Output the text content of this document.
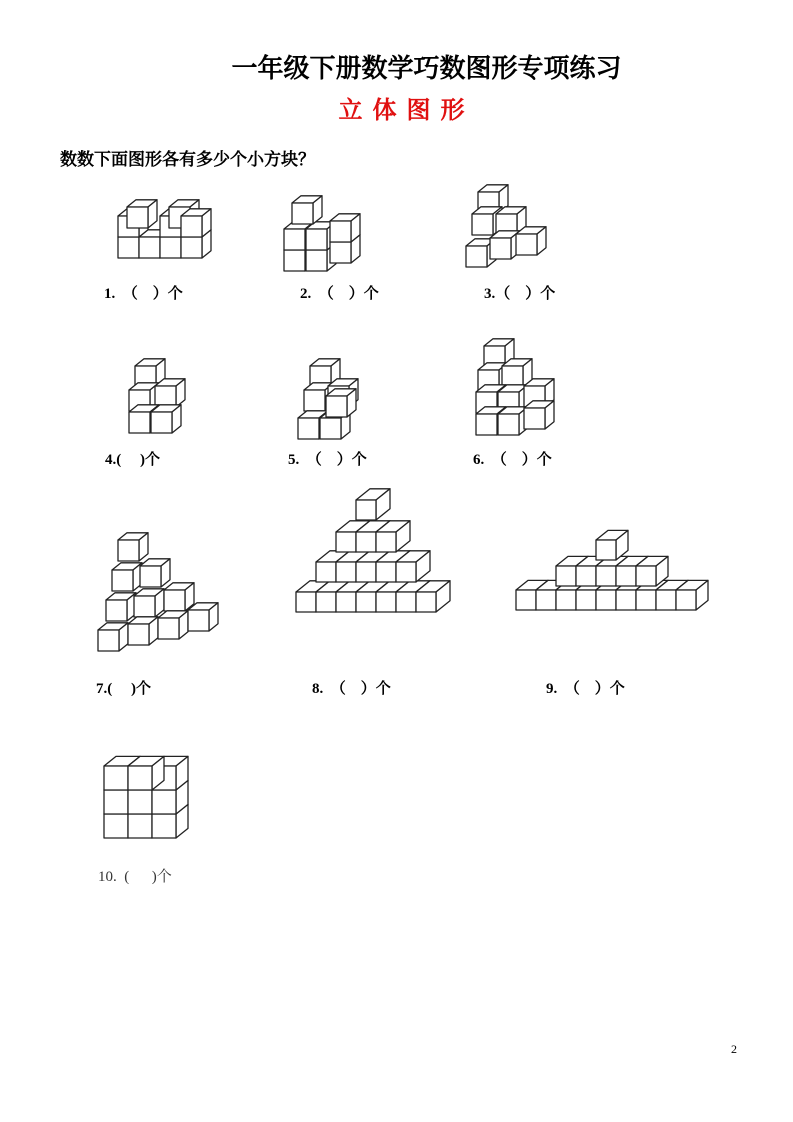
一年级下册数学巧数图形专项练习
立体图形
数数下面图形各有多少个小方块？
1.  （    ）个	2.  （    ）个	3.（    ）个
4.(     )个	5.  （    ）个	6.  （    ）个
7.(     )个	8.  （    ）个	9.  （    ）个
10.  (      )个
2
